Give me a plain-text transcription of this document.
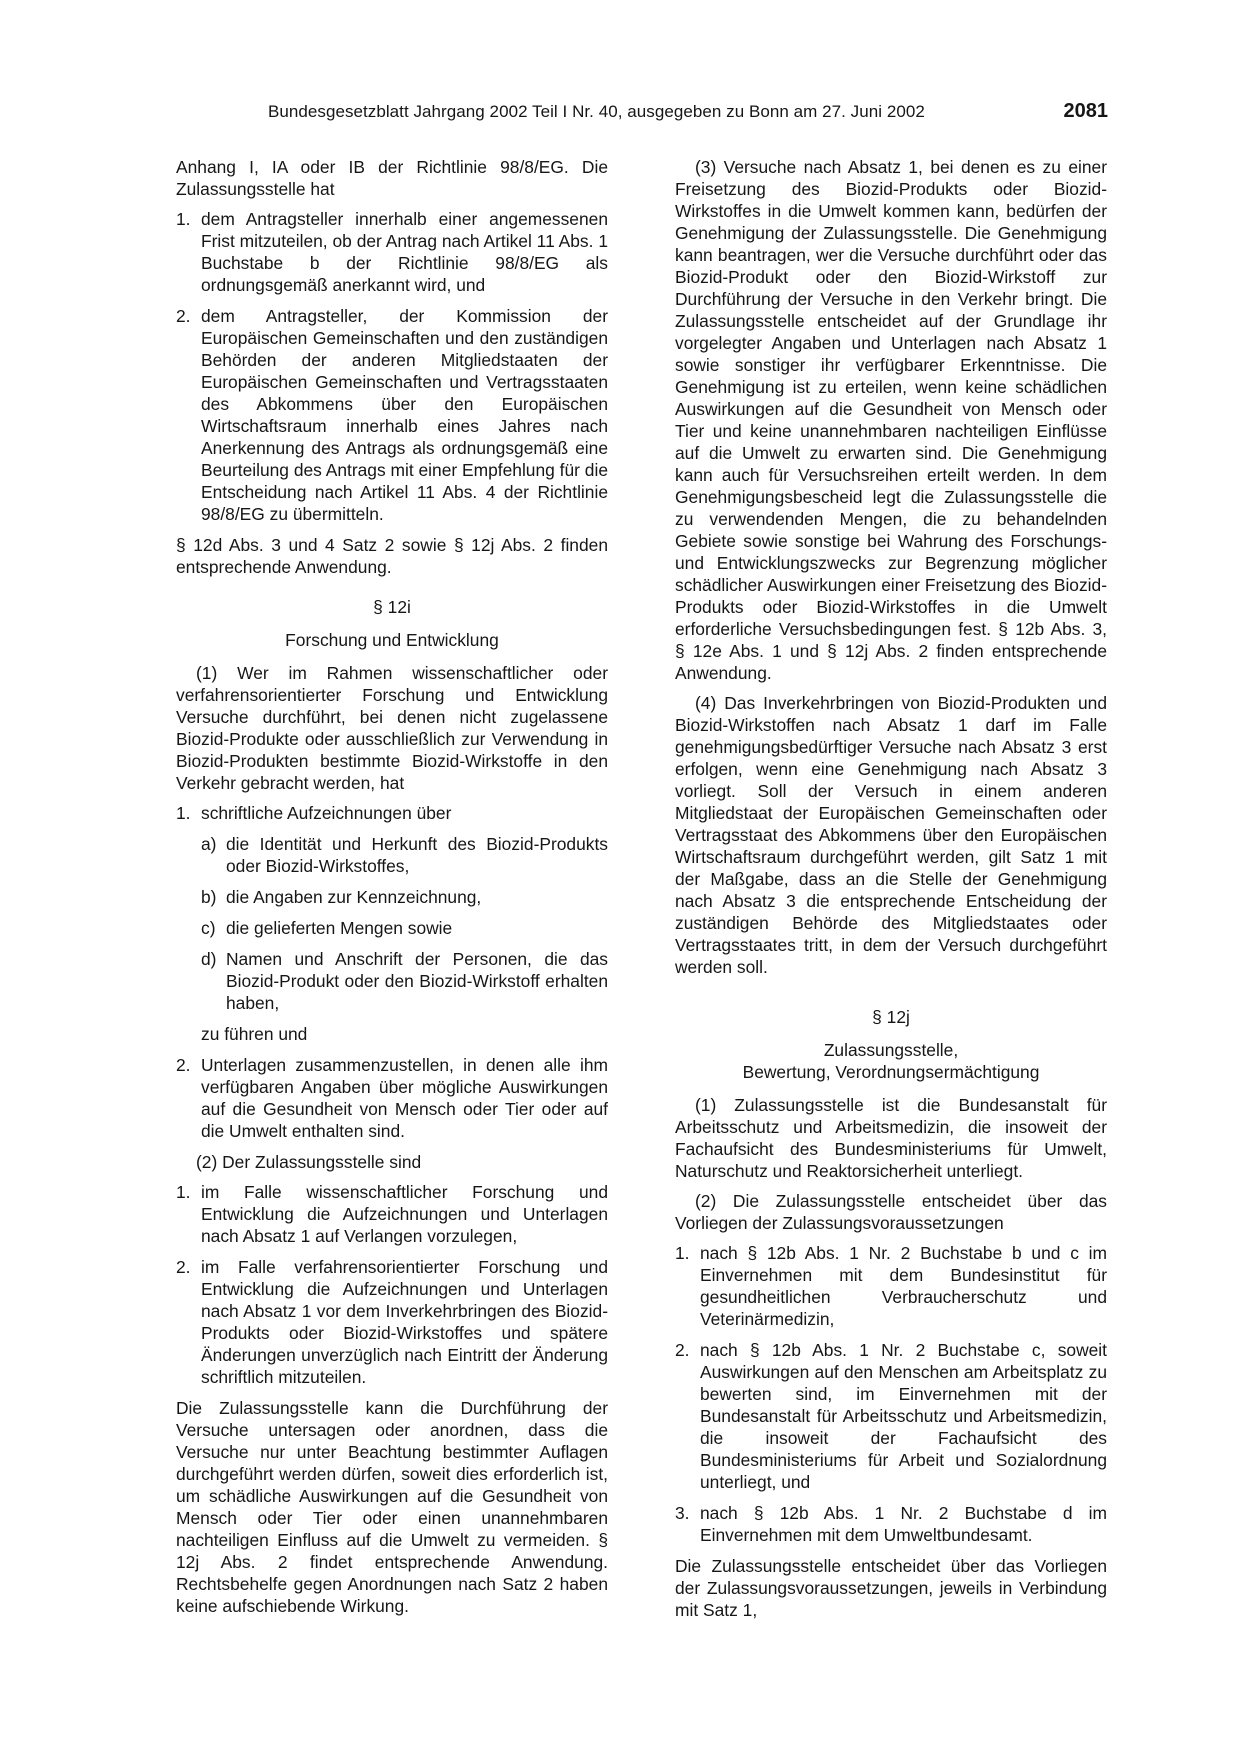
Bundesgesetzblatt Jahrgang 2002 Teil I Nr. 40, ausgegeben zu Bonn am 27. Juni 2002	2081

Anhang I, IA oder IB der Richtlinie 98/8/EG. Die Zulassungsstelle hat

1. dem Antragsteller innerhalb einer angemessenen Frist mitzuteilen, ob der Antrag nach Artikel 11 Abs. 1 Buchstabe b der Richtlinie 98/8/EG als ordnungsgemäß anerkannt wird, und
2. dem Antragsteller, der Kommission der Europäischen Gemeinschaften und den zuständigen Behörden der anderen Mitgliedstaaten der Europäischen Gemeinschaften und Vertragsstaaten des Abkommens über den Europäischen Wirtschaftsraum innerhalb eines Jahres nach Anerkennung des Antrags als ordnungsgemäß eine Beurteilung des Antrags mit einer Empfehlung für die Entscheidung nach Artikel 11 Abs. 4 der Richtlinie 98/8/EG zu übermitteln.

§ 12d Abs. 3 und 4 Satz 2 sowie § 12j Abs. 2 finden entsprechende Anwendung.

§ 12i
Forschung und Entwicklung

(1) Wer im Rahmen wissenschaftlicher oder verfahrensorientierter Forschung und Entwicklung Versuche durchführt, bei denen nicht zugelassene Biozid-Produkte oder ausschließlich zur Verwendung in Biozid-Produkten bestimmte Biozid-Wirkstoffe in den Verkehr gebracht werden, hat

1. schriftliche Aufzeichnungen über
a) die Identität und Herkunft des Biozid-Produkts oder Biozid-Wirkstoffes,
b) die Angaben zur Kennzeichnung,
c) die gelieferten Mengen sowie
d) Namen und Anschrift der Personen, die das Biozid-Produkt oder den Biozid-Wirkstoff erhalten haben,
zu führen und
2. Unterlagen zusammenzustellen, in denen alle ihm verfügbaren Angaben über mögliche Auswirkungen auf die Gesundheit von Mensch oder Tier oder auf die Umwelt enthalten sind.

(2) Der Zulassungsstelle sind

1. im Falle wissenschaftlicher Forschung und Entwicklung die Aufzeichnungen und Unterlagen nach Absatz 1 auf Verlangen vorzulegen,
2. im Falle verfahrensorientierter Forschung und Entwicklung die Aufzeichnungen und Unterlagen nach Absatz 1 vor dem Inverkehrbringen des Biozid-Produkts oder Biozid-Wirkstoffes und spätere Änderungen unverzüglich nach Eintritt der Änderung schriftlich mitzuteilen.

Die Zulassungsstelle kann die Durchführung der Versuche untersagen oder anordnen, dass die Versuche nur unter Beachtung bestimmter Auflagen durchgeführt werden dürfen, soweit dies erforderlich ist, um schädliche Auswirkungen auf die Gesundheit von Mensch oder Tier oder einen unannehmbaren nachteiligen Einfluss auf die Umwelt zu vermeiden. § 12j Abs. 2 findet entsprechende Anwendung. Rechtsbehelfe gegen Anordnungen nach Satz 2 haben keine aufschiebende Wirkung.

(3) Versuche nach Absatz 1, bei denen es zu einer Freisetzung des Biozid-Produkts oder Biozid-Wirkstoffes in die Umwelt kommen kann, bedürfen der Genehmigung der Zulassungsstelle. Die Genehmigung kann beantragen, wer die Versuche durchführt oder das Biozid-Produkt oder den Biozid-Wirkstoff zur Durchführung der Versuche in den Verkehr bringt. Die Zulassungsstelle entscheidet auf der Grundlage ihr vorgelegter Angaben und Unterlagen nach Absatz 1 sowie sonstiger ihr verfügbarer Erkenntnisse. Die Genehmigung ist zu erteilen, wenn keine schädlichen Auswirkungen auf die Gesundheit von Mensch oder Tier und keine unannehmbaren nachteiligen Einflüsse auf die Umwelt zu erwarten sind. Die Genehmigung kann auch für Versuchsreihen erteilt werden. In dem Genehmigungsbescheid legt die Zulassungsstelle die zu verwendenden Mengen, die zu behandelnden Gebiete sowie sonstige bei Wahrung des Forschungs- und Entwicklungszwecks zur Begrenzung möglicher schädlicher Auswirkungen einer Freisetzung des Biozid-Produkts oder Biozid-Wirkstoffes in die Umwelt erforderliche Versuchsbedingungen fest. § 12b Abs. 3, § 12e Abs. 1 und § 12j Abs. 2 finden entsprechende Anwendung.

(4) Das Inverkehrbringen von Biozid-Produkten und Biozid-Wirkstoffen nach Absatz 1 darf im Falle genehmigungsbedürftiger Versuche nach Absatz 3 erst erfolgen, wenn eine Genehmigung nach Absatz 3 vorliegt. Soll der Versuch in einem anderen Mitgliedstaat der Europäischen Gemeinschaften oder Vertragsstaat des Abkommens über den Europäischen Wirtschaftsraum durchgeführt werden, gilt Satz 1 mit der Maßgabe, dass an die Stelle der Genehmigung nach Absatz 3 die entsprechende Entscheidung der zuständigen Behörde des Mitgliedstaates oder Vertragsstaates tritt, in dem der Versuch durchgeführt werden soll.

§ 12j
Zulassungsstelle,
Bewertung, Verordnungsermächtigung

(1) Zulassungsstelle ist die Bundesanstalt für Arbeitsschutz und Arbeitsmedizin, die insoweit der Fachaufsicht des Bundesministeriums für Umwelt, Naturschutz und Reaktorsicherheit unterliegt.

(2) Die Zulassungsstelle entscheidet über das Vorliegen der Zulassungsvoraussetzungen

1. nach § 12b Abs. 1 Nr. 2 Buchstabe b und c im Einvernehmen mit dem Bundesinstitut für gesundheitlichen Verbraucherschutz und Veterinärmedizin,
2. nach § 12b Abs. 1 Nr. 2 Buchstabe c, soweit Auswirkungen auf den Menschen am Arbeitsplatz zu bewerten sind, im Einvernehmen mit der Bundesanstalt für Arbeitsschutz und Arbeitsmedizin, die insoweit der Fachaufsicht des Bundesministeriums für Arbeit und Sozialordnung unterliegt, und
3. nach § 12b Abs. 1 Nr. 2 Buchstabe d im Einvernehmen mit dem Umweltbundesamt.

Die Zulassungsstelle entscheidet über das Vorliegen der Zulassungsvoraussetzungen, jeweils in Verbindung mit Satz 1,
